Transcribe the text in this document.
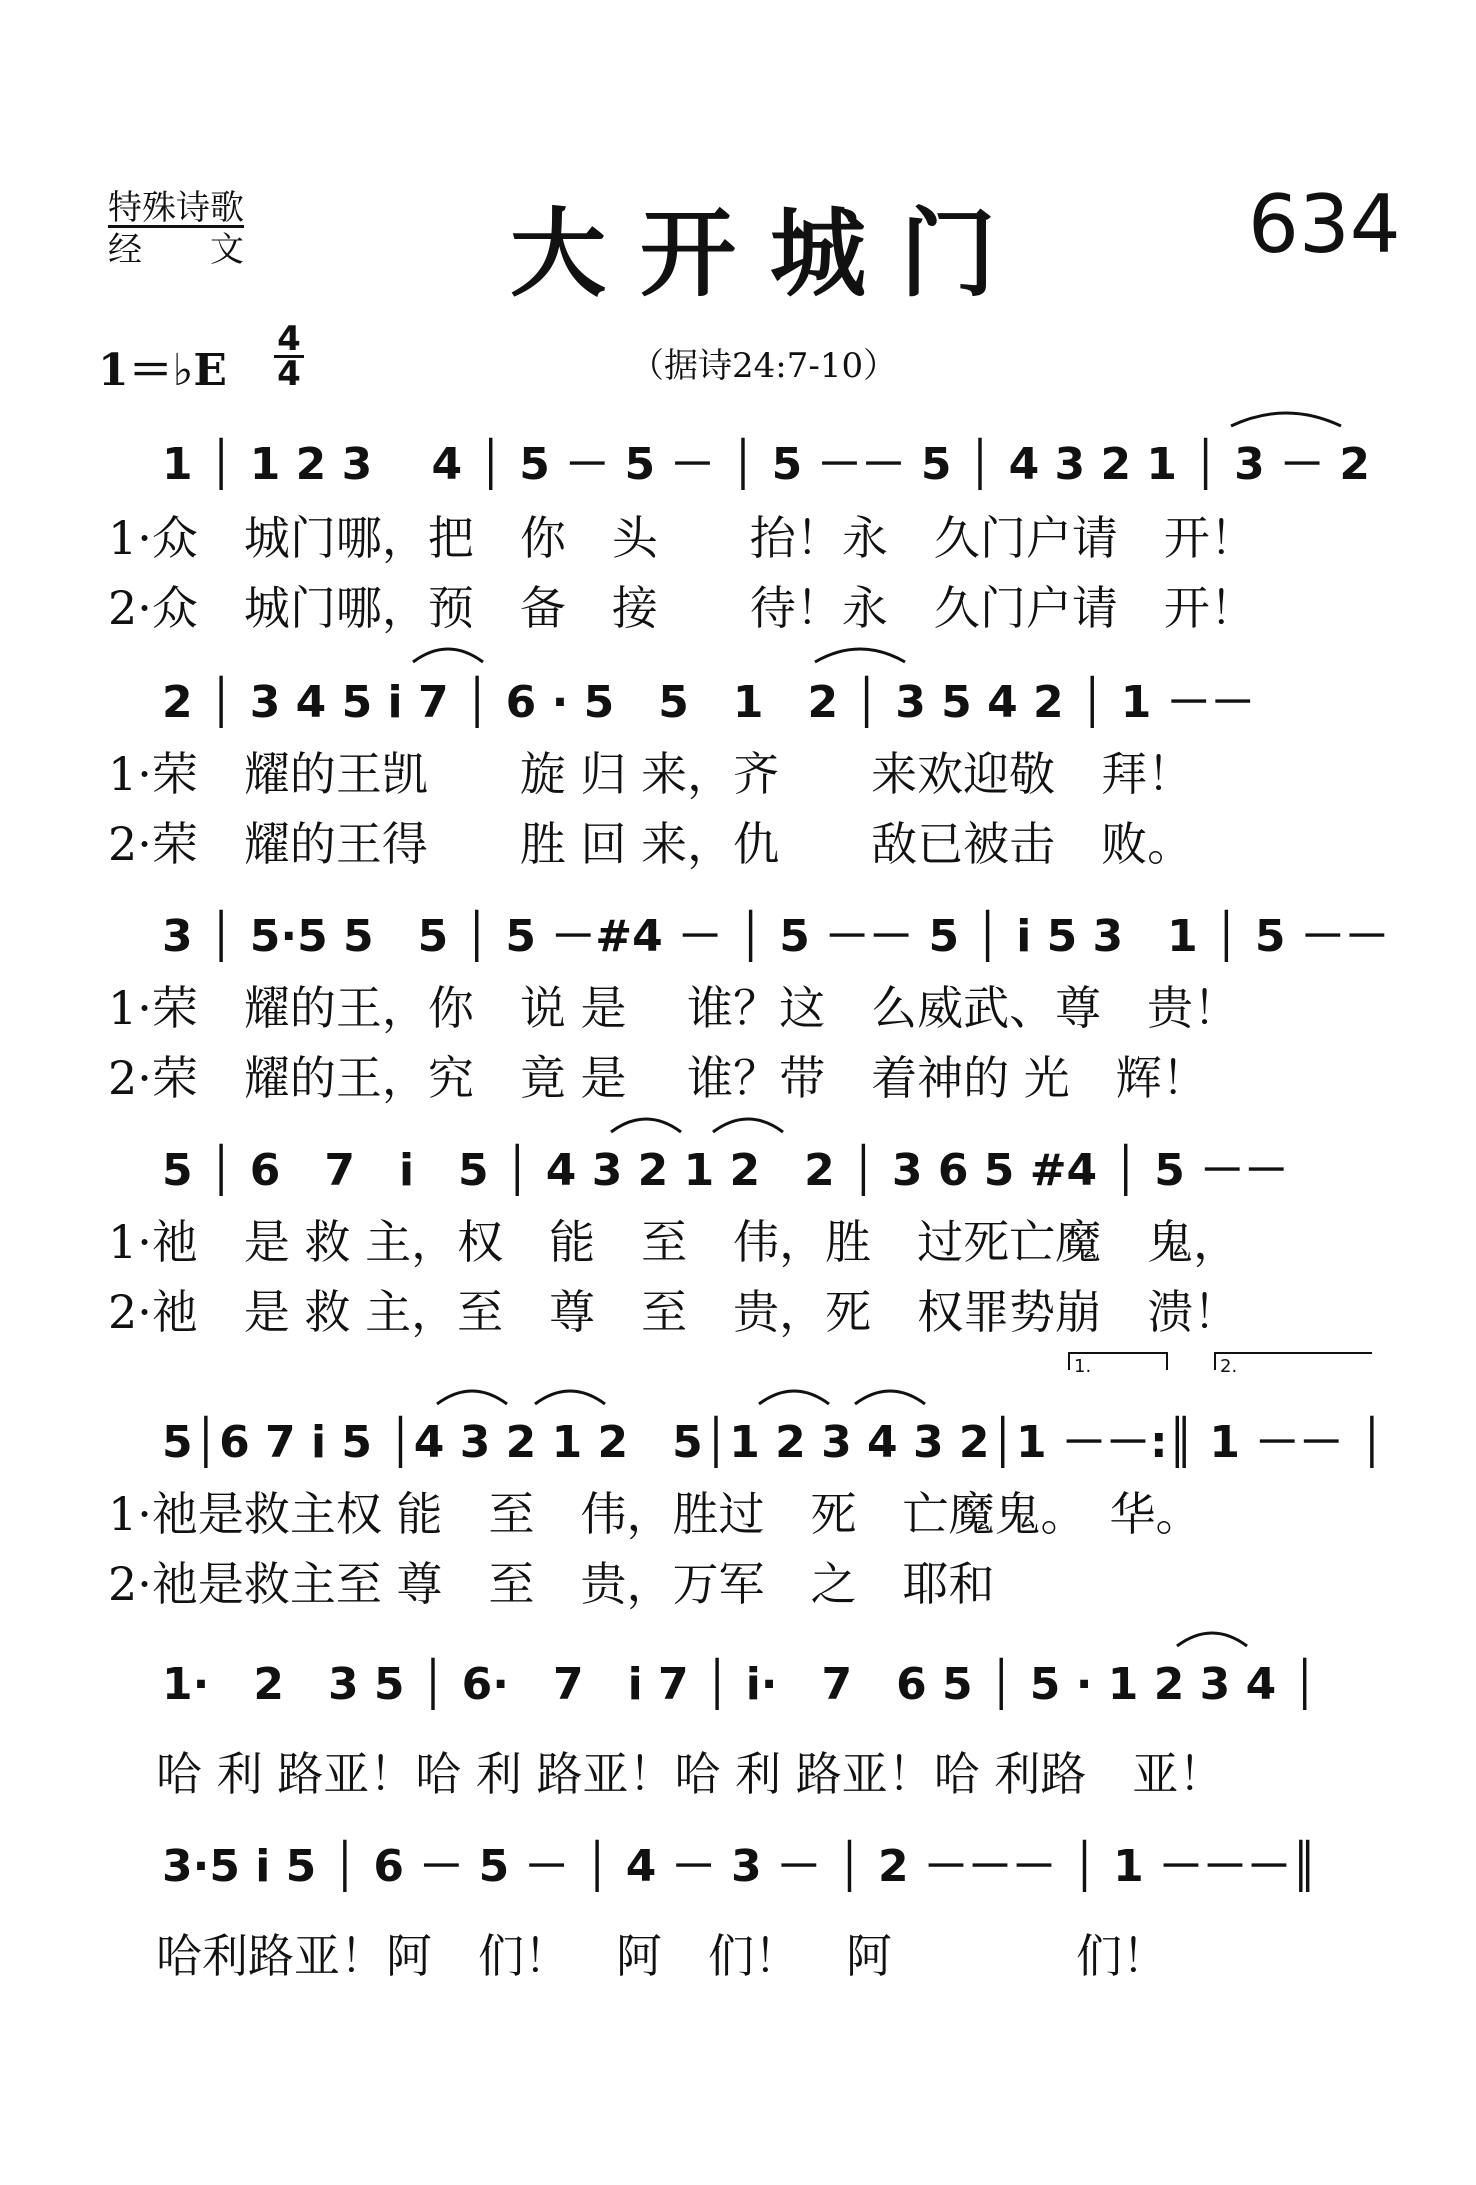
特殊诗歌
经　　文	大开城门	634
1＝♭E
4
4	（据诗24:7-10）
1 │ 1 2 3　 4 │ 5 － 5 － │ 5 －－ 5 │ 4 3 2 1 │ 3 － 2
1·众　城门哪，把　你　头　　抬！永　久门户请　开！
2·众　城门哪，预　备　接　　待！永　久门户请　开！
2 │ 3 4 5 i 7 │ 6 · 5　5　1　2 │ 3 5 4 2 │ 1 －－
1·荣　耀的王凯　　旋 归 来，齐　　来欢迎敬　拜！
2·荣　耀的王得　　胜 回 来，仇　　敌已被击　败。
3 │ 5·5 5　5 │ 5 －#4 － │ 5 －－ 5 │ i 5 3　1 │ 5 －－
1·荣　耀的王，你　说 是　 谁？这　么威武、尊　贵！
2·荣　耀的王，究　竟 是　 谁？带　着神的 光　辉！
5 │ 6　7　i　5 │ 4 3 2 1 2　2 │ 3 6 5 #4 │ 5 －－
1·祂　是 救 主，权　能　至　伟，胜　过死亡魔　鬼，
2·祂　是 救 主，至　尊　至　贵，死　权罪势崩　溃！
1.	2.
5│6 7 i 5 │4 3 2 1 2　5│1 2 3 4 3 2│1 －－:║ 1 －－ │
1·祂是救主权 能　至　伟，胜过　死　亡魔鬼。　华。
2·祂是救主至 尊　至　贵，万军　之　耶和
1·　2　3 5 │ 6·　7　i 7 │ i·　7　6 5 │ 5 · 1 2 3 4 │
哈 利 路亚！哈 利 路亚！哈 利 路亚！哈 利路　亚！
3·5 i 5 │ 6 － 5 － │ 4 － 3 － │ 2 －－－ │ 1 －－－║
哈利路亚！阿　们！　阿　们！　阿　　　　们！
